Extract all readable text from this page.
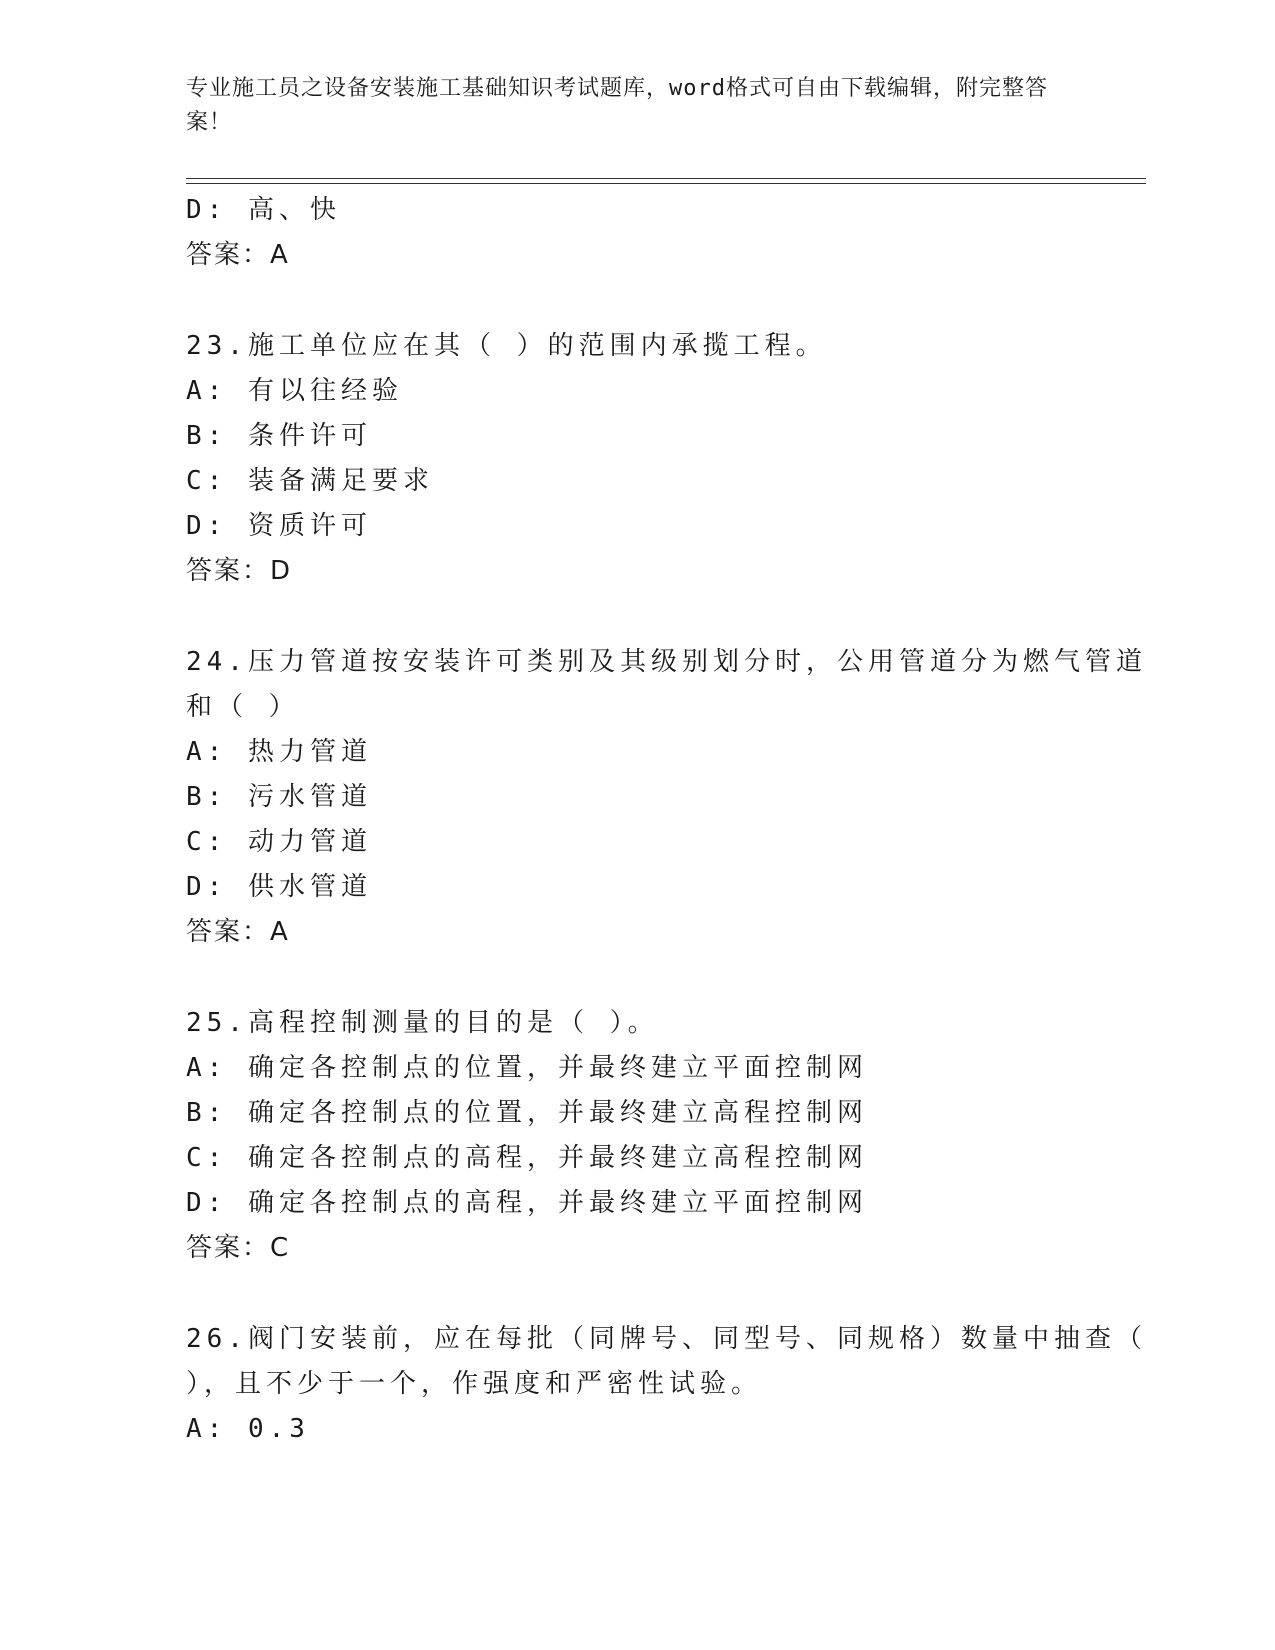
专业施工员之设备安装施工基础知识考试题库，word格式可自由下载编辑，附完整答案！
D: 高、快
答案：A
23.施工单位应在其（ ）的范围内承揽工程。
A: 有以往经验
B: 条件许可
C: 装备满足要求
D: 资质许可
答案：D
24.压力管道按安装许可类别及其级别划分时，公用管道分为燃气管道
和（ ）
A: 热力管道
B: 污水管道
C: 动力管道
D: 供水管道
答案：A
25.高程控制测量的目的是（ ）。
A: 确定各控制点的位置，并最终建立平面控制网
B: 确定各控制点的位置，并最终建立高程控制网
C: 确定各控制点的高程，并最终建立高程控制网
D: 确定各控制点的高程，并最终建立平面控制网
答案：C
26.阀门安装前，应在每批（同牌号、同型号、同规格）数量中抽查（
），且不少于一个，作强度和严密性试验。
A: 0.3
